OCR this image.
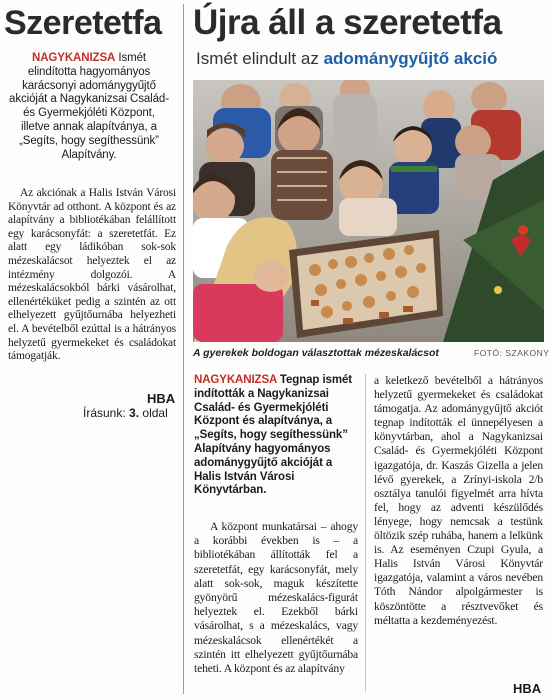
Szeretetfa

NAGYKANIZSA Ismét elindította hagyományos karácsonyi adománygyűjtő akcióját a Nagykanizsai Család- és Gyermekjóléti Központ, illetve annak alapítványa, a „Segíts, hogy segíthessünk” Alapítvány.

Az akciónak a Halis István Városi Könyvtár ad otthont. A központ és az alapítvány a bibliotékában felállított egy karácsonyfát: a szeretetfát. Ez alatt egy ládikóban sok-sok mézeskalácsot helyeztek el az intézmény dolgozói. A mézeskalácsokból bárki vásárolhat, ellenértéküket pedig a szintén az ott elhelyezett gyűjtőurnába helyezheti el. A bevételből ezúttal is a hátrányos helyzetű gyermekeket és családokat támogatják.

HBA
Írásunk: 3. oldal
Újra áll a szeretetfa
Ismét elindult az adománygyűjtő akció
A gyerekek boldogan választottak mézeskalácsot	FOTÓ: SZAKONY

NAGYKANIZSA Tegnap ismét indították a Nagykanizsai Család- és Gyermekjóléti Központ és alapítványa, a „Segíts, hogy segíthessünk” Alapítvány hagyományos adománygyűjtő akcióját a Halis István Városi Könyvtárban.

A központ munkatársai – ahogy a korábbi években is – a bibliotékában állították fel a szeretetfát, egy karácsonyfát, mely alatt sok-sok, maguk készítette gyönyörű mézeskalács-figurát helyeztek el. Ezekből bárki vásárolhat, s a mézeskalács, vagy mézeskalácsok ellenértékét a szintén itt elhelyezett gyűjtőurnába teheti. A központ és az alapítvány

a keletkező bevételből a hátrányos helyzetű gyermekeket és családokat támogatja. Az adománygyűjtő akciót tegnap indították el ünnepélyesen a könyvtárban, ahol a Nagykanizsai Család- és Gyermekjóléti Központ igazgatója, dr. Kaszás Gizella a jelen lévő gyerekek, a Zrínyi-iskola 2/b osztálya tanulói figyelmét arra hívta fel, hogy az adventi készülődés lényege, hogy nemcsak a testünk öltözik szép ruhába, hanem a lelkünk is. Az eseményen Czupi Gyula, a Halis István Városi Könyvtár igazgatója, valamint a város nevében Tóth Nándor alpolgármester is köszöntötte a résztvevőket és méltatta a kezdeményezést.

HBA
